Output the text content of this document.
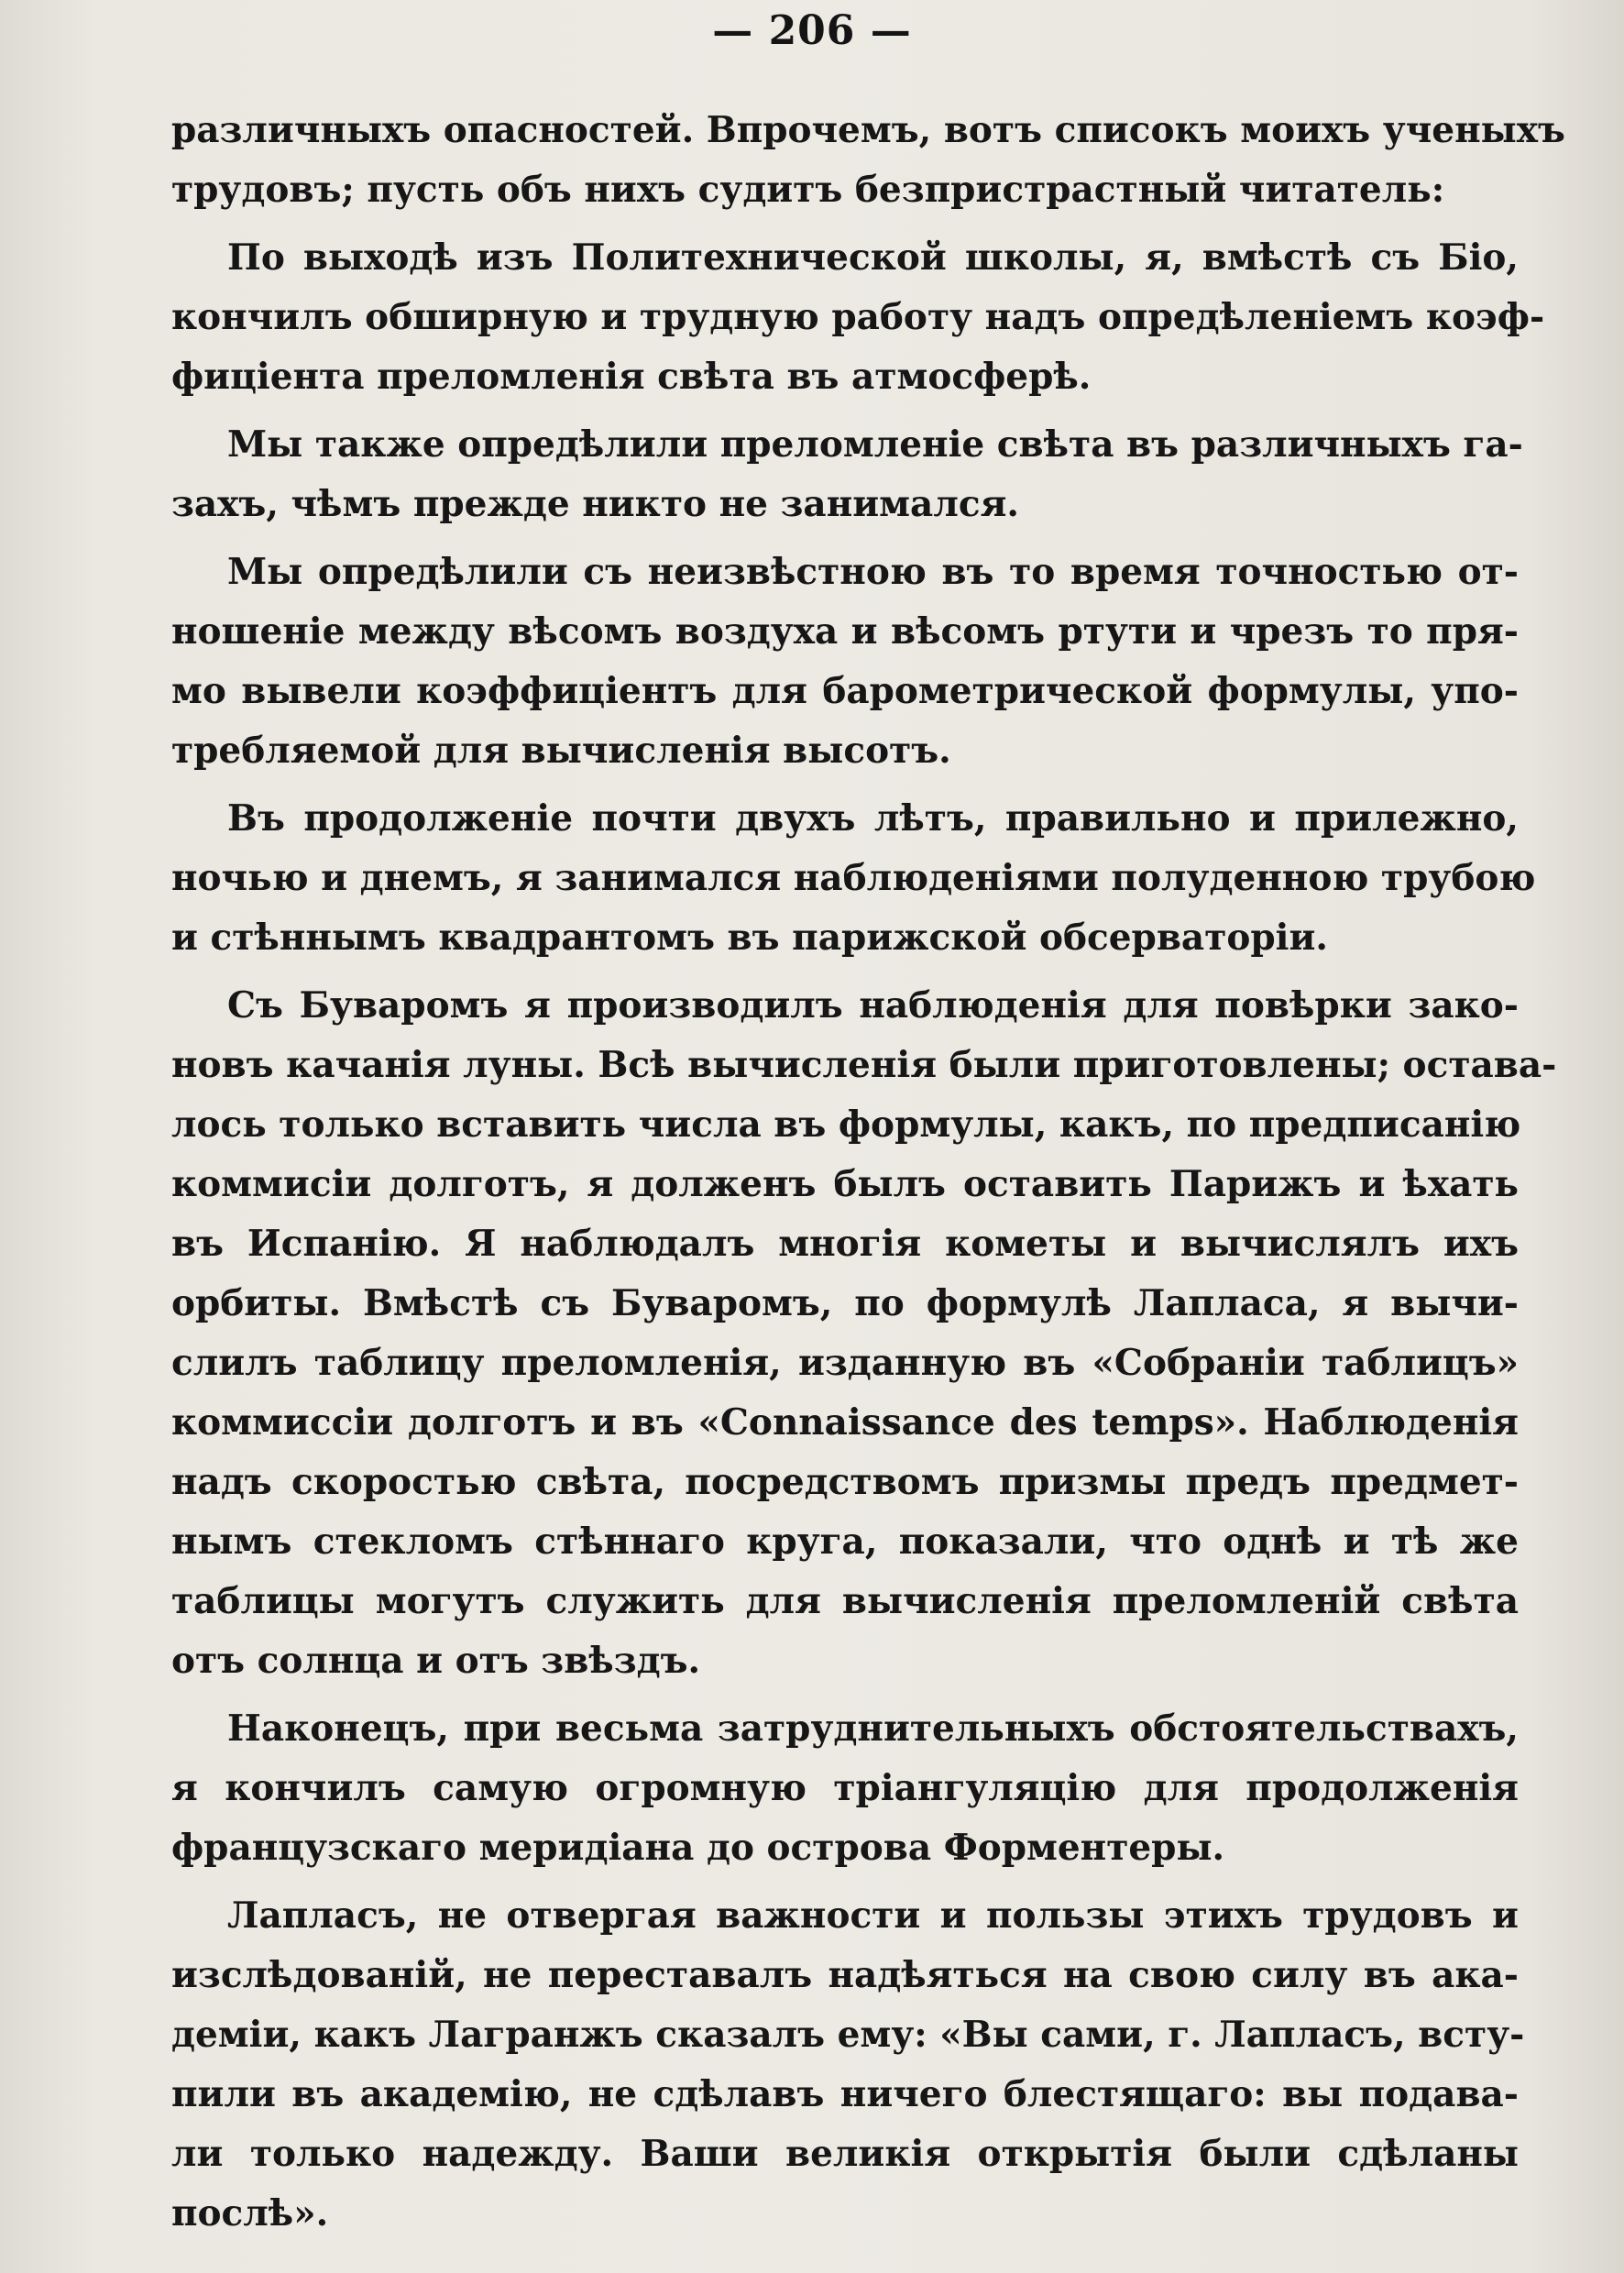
— 206 —
различныхъ опасностей. Впрочемъ, вотъ списокъ моихъ ученыхъ
трудовъ; пусть объ нихъ судитъ безпристрастный читатель:
По выходѣ изъ Политехнической школы, я, вмѣстѣ съ Біо,
кончилъ обширную и трудную работу надъ опредѣленіемъ коэф-
фиціента преломленія свѣта въ атмосферѣ.
Мы также опредѣлили преломленіе свѣта въ различныхъ га-
захъ, чѣмъ прежде никто не занимался.
Мы опредѣлили съ неизвѣстною въ то время точностью от-
ношеніе между вѣсомъ воздуха и вѣсомъ ртути и чрезъ то пря-
мо вывели коэффиціентъ для барометрической формулы, упо-
требляемой для вычисленія высотъ.
Въ продолженіе почти двухъ лѣтъ, правильно и прилежно,
ночью и днемъ, я занимался наблюденіями полуденною трубою
и стѣннымъ квадрантомъ въ парижской обсерваторіи.
Съ Буваромъ я производилъ наблюденія для повѣрки зако-
новъ качанія луны. Всѣ вычисленія были приготовлены; остава-
лось только вставить числа въ формулы, какъ, по предписанію
коммисіи долготъ, я долженъ былъ оставить Парижъ и ѣхать
въ Испанію. Я наблюдалъ многія кометы и вычислялъ ихъ
орбиты. Вмѣстѣ съ Буваромъ, по формулѣ Лапласа, я вычи-
слилъ таблицу преломленія, изданную въ «Собраніи таблицъ»
коммиссіи долготъ и въ «Connaissance des temps». Наблюденія
надъ скоростью свѣта, посредствомъ призмы предъ предмет-
нымъ стекломъ стѣннаго круга, показали, что однѣ и тѣ же
таблицы могутъ служить для вычисленія преломленій свѣта
отъ солнца и отъ звѣздъ.
Наконецъ, при весьма затруднительныхъ обстоятельствахъ,
я кончилъ самую огромную тріангуляцію для продолженія
французскаго меридіана до острова Форментеры.
Лапласъ, не отвергая важности и пользы этихъ трудовъ и
изслѣдованій, не переставалъ надѣяться на свою силу въ ака-
деміи, какъ Лагранжъ сказалъ ему: «Вы сами, г. Лапласъ, всту-
пили въ академію, не сдѣлавъ ничего блестящаго: вы подава-
ли только надежду. Ваши великія открытія были сдѣланы
послѣ».
